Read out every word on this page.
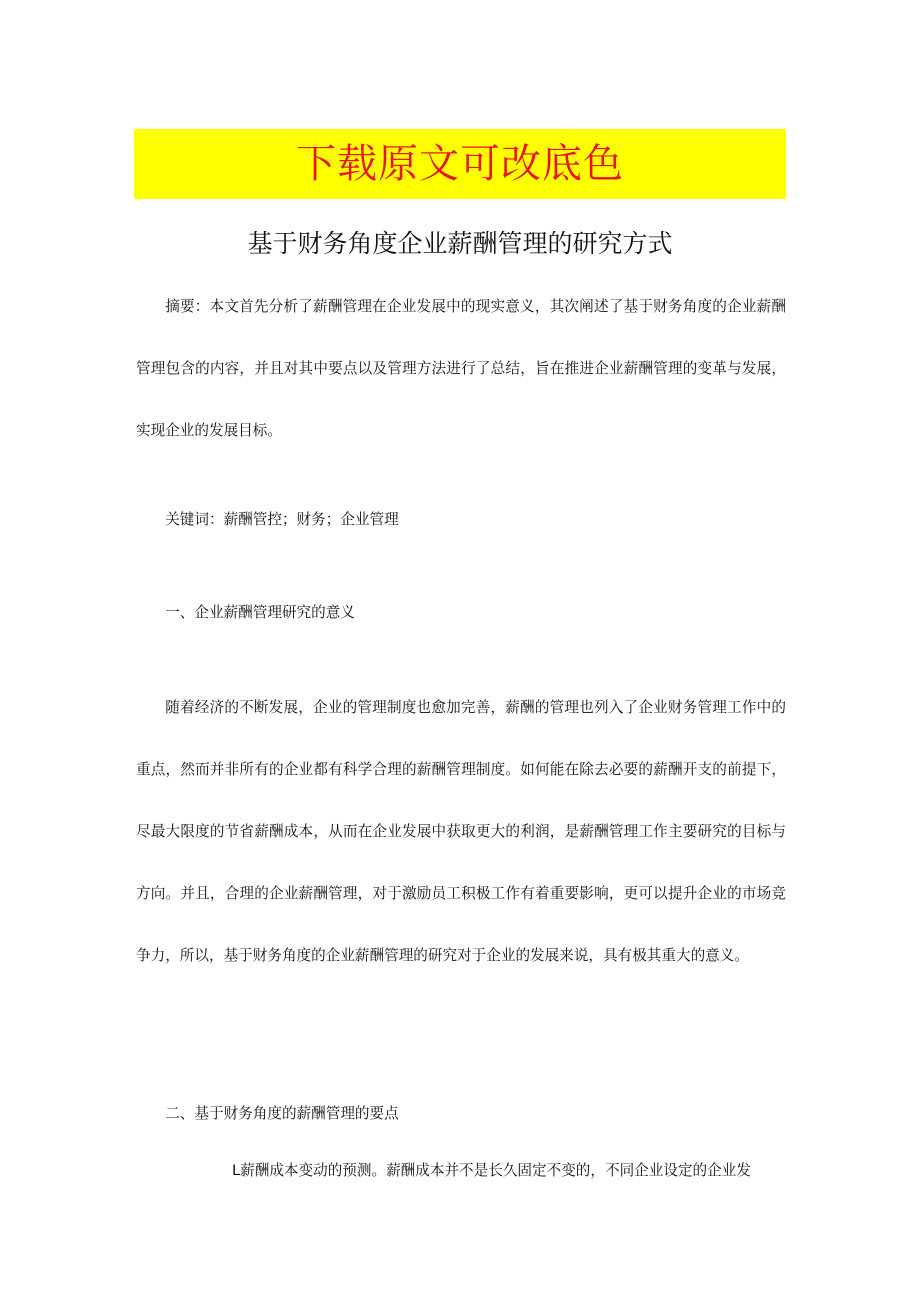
下载原文可改底色
基于财务角度企业薪酬管理的研究方式

摘要：本文首先分析了薪酬管理在企业发展中的现实意义，其次阐述了基于财务角度的企业薪酬管理包含的内容，并且对其中要点以及管理方法进行了总结，旨在推进企业薪酬管理的变革与发展，实现企业的发展目标。

关键词：薪酬管控；财务；企业管理

一、企业薪酬管理研究的意义

随着经济的不断发展，企业的管理制度也愈加完善，薪酬的管理也列入了企业财务管理工作中的重点，然而并非所有的企业都有科学合理的薪酬管理制度。如何能在除去必要的薪酬开支的前提下，尽最大限度的节省薪酬成本，从而在企业发展中获取更大的利润，是薪酬管理工作主要研究的目标与方向。并且，合理的企业薪酬管理，对于激励员工积极工作有着重要影响，更可以提升企业的市场竞争力，所以，基于财务角度的企业薪酬管理的研究对于企业的发展来说，具有极其重大的意义。

二、基于财务角度的薪酬管理的要点

L薪酬成本变动的预测。薪酬成本并不是长久固定不变的，不同企业设定的企业发
